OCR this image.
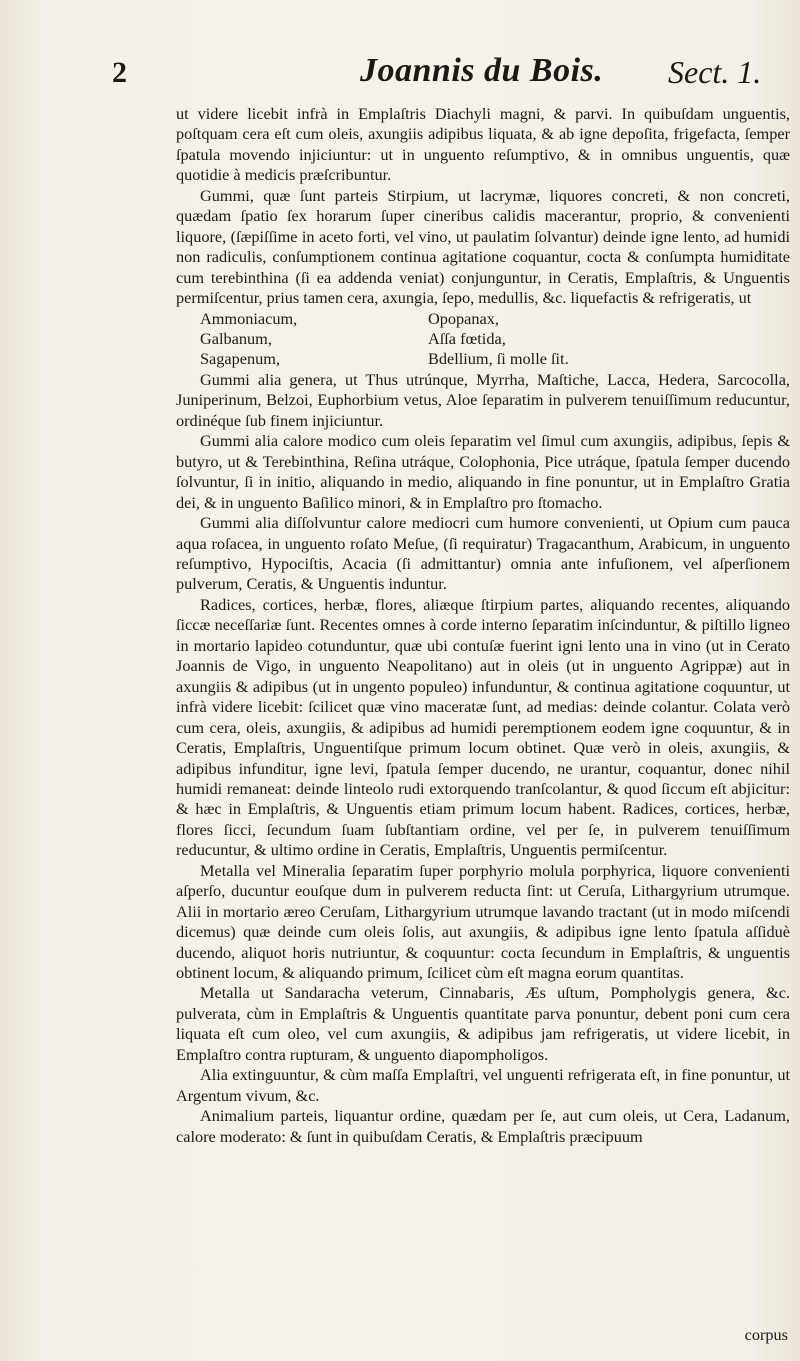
2	Joannis du Bois. Sect. 1.

ut videre licebit infrà in Emplaſtris Diachyli magni, & parvi. In quibuſdam unguentis, poſtquam cera eſt cum oleis, axungiis adipibus liquata, & ab igne depoſita, frigefacta, ſemper ſpatula movendo injiciuntur: ut in unguento reſumptivo, & in omnibus unguentis, quæ quotidie à medicis præſcribuntur.

Gummi, quæ ſunt parteis Stirpium, ut lacrymæ, liquores concreti, & non concreti, quædam ſpatio ſex horarum ſuper cineribus calidis macerantur, proprio, & convenienti liquore, (ſæpiſſime in aceto forti, vel vino, ut paulatim ſolvantur) deinde igne lento, ad humidi non radiculis, conſumptionem continua agitatione coquantur, cocta & conſumpta humiditate cum terebinthina (ſi ea addenda veniat) conjunguntur, in Ceratis, Emplaſtris, & Unguentis permiſcentur, prius tamen cera, axungia, ſepo, medullis, &c. liquefactis & refrigeratis, ut

Ammoniacum,	Opopanax,
Galbanum,	Aſſa fœtida,
Sagapenum,	Bdellium, ſi molle ſit.

Gummi alia genera, ut Thus utrúnque, Myrrha, Maſtiche, Lacca, Hedera, Sarcocolla, Juniperinum, Belzoi, Euphorbium vetus, Aloe ſeparatim in pulverem tenuiſſimum reducuntur, ordinéque ſub finem injiciuntur.

Gummi alia calore modico cum oleis ſeparatim vel ſimul cum axungiis, adipibus, ſepis & butyro, ut & Terebinthina, Reſina utráque, Colophonia, Pice utráque, ſpatula ſemper ducendo ſolvuntur, ſi in initio, aliquando in medio, aliquando in fine ponuntur, ut in Emplaſtro Gratia dei, & in unguento Baſilico minori, & in Emplaſtro pro ſtomacho.

Gummi alia diſſolvuntur calore mediocri cum humore convenienti, ut Opium cum pauca aqua roſacea, in unguento roſato Meſue, (ſi requiratur) Tragacanthum, Arabicum, in unguento reſumptivo, Hypociſtis, Acacia (ſi admittantur) omnia ante infuſionem, vel aſperſionem pulverum, Ceratis, & Unguentis induntur.

Radices, cortices, herbæ, flores, aliæque ſtirpium partes, aliquando recentes, aliquando ſiccæ neceſſariæ ſunt. Recentes omnes à corde interno ſeparatim inſcinduntur, & piſtillo ligneo in mortario lapideo cotunduntur, quæ ubi contuſæ fuerint igni lento una in vino (ut in Cerato Joannis de Vigo, in unguento Neapolitano) aut in oleis (ut in unguento Agrippæ) aut in axungiis & adipibus (ut in ungento populeo) infunduntur, & continua agitatione coquuntur, ut infrà videre licebit: ſcilicet quæ vino maceratæ ſunt, ad medias: deinde colantur. Colata verò cum cera, oleis, axungiis, & adipibus ad humidi peremptionem eodem igne coquuntur, & in Ceratis, Emplaſtris, Unguentiſque primum locum obtinet. Quæ verò in oleis, axungiis, & adipibus infunditur, igne levi, ſpatula ſemper ducendo, ne urantur, coquantur, donec nihil humidi remaneat: deinde linteolo rudi extorquendo tranſcolantur, & quod ſiccum eſt abjicitur: & hæc in Emplaſtris, & Unguentis etiam primum locum habent. Radices, cortices, herbæ, flores ſicci, ſecundum ſuam ſubſtantiam ordine, vel per ſe, in pulverem tenuiſſimum reducuntur, & ultimo ordine in Ceratis, Emplaſtris, Unguentis permiſcentur.

Metalla vel Mineralia ſeparatim ſuper porphyrio molula porphyrica, liquore convenienti aſperſo, ducuntur eouſque dum in pulverem reducta ſint: ut Ceruſa, Lithargyrium utrumque. Alii in mortario æreo Ceruſam, Lithargyrium utrumque lavando tractant (ut in modo miſcendi dicemus) quæ deinde cum oleis ſolis, aut axungiis, & adipibus igne lento ſpatula aſſiduè ducendo, aliquot horis nutriuntur, & coquuntur: cocta ſecundum in Emplaſtris, & unguentis obtinent locum, & aliquando primum, ſcilicet cùm eſt magna eorum quantitas.

Metalla ut Sandaracha veterum, Cinnabaris, Æs uſtum, Pompholygis genera, &c. pulverata, cùm in Emplaſtris & Unguentis quantitate parva ponuntur, debent poni cum cera liquata eſt cum oleo, vel cum axungiis, & adipibus jam refrigeratis, ut videre licebit, in Emplaſtro contra rupturam, & unguento diapompholigos.

Alia extinguuntur, & cùm maſſa Emplaſtri, vel unguenti refrigerata eſt, in fine ponuntur, ut Argentum vivum, &c.

Animalium parteis, liquantur ordine, quædam per ſe, aut cum oleis, ut Cera, Ladanum, calore moderato: & ſunt in quibuſdam Ceratis, & Emplaſtris præcipuum

corpus
